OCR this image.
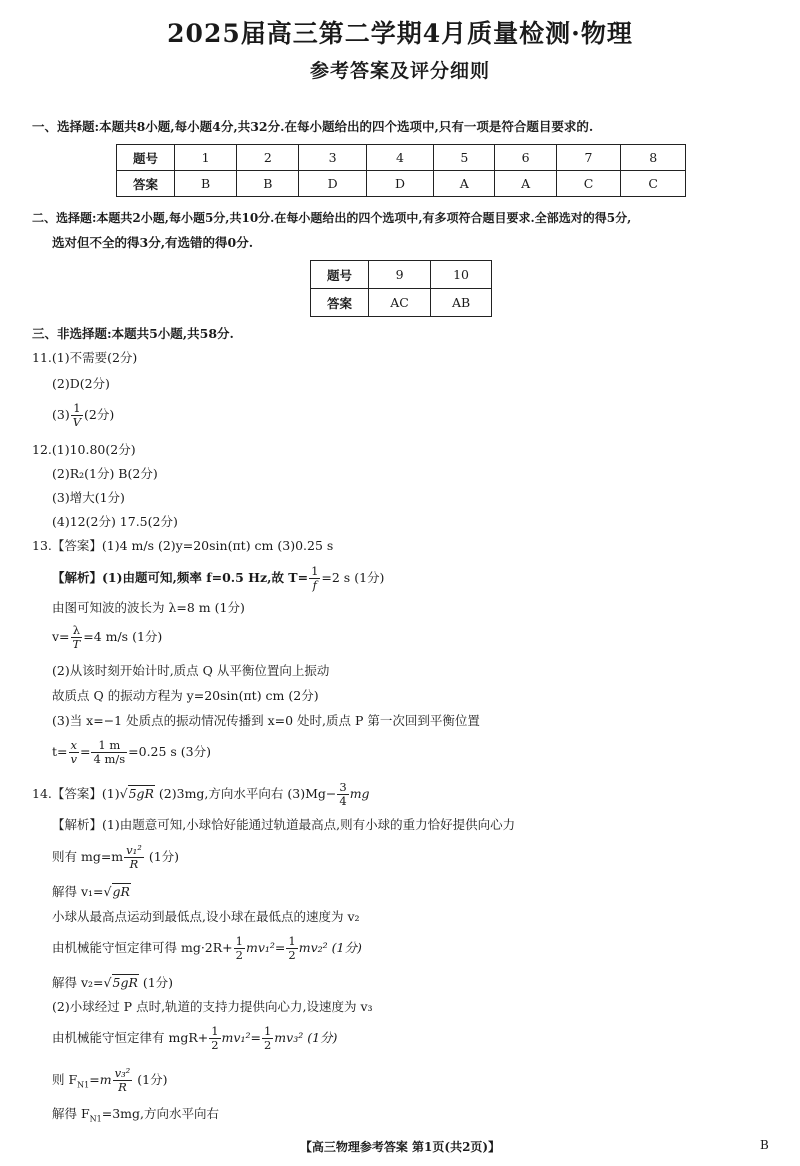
2025届高三第二学期4月质量检测·物理
参考答案及评分细则
一、选择题:本题共8小题,每小题4分,共32分.在每小题给出的四个选项中,只有一项是符合题目要求的.
题号	1	2	3	4	5	6	7	8
答案	B	B	D	D	A	A	C	C
二、选择题:本题共2小题,每小题5分,共10分.在每小题给出的四个选项中,有多项符合题目要求.全部选对的得5分,
选对但不全的得3分,有选错的得0分.
题号	9	10
答案	AC	AB
三、非选择题:本题共5小题,共58分.
11.(1)不需要(2分)
(2)D(2分)
$(3) \frac{1}{V} (2$分)
12.(1)10.80(2分)
(2)R₂(1分) B(2分)
(3)增大(1分)
(4)12(2分) 17.5(2分)
13.【答案】(1)4 m/s (2)y=20sin(πt) cm (3)0.25 s
【解析】(1)由题可知,频率 f=0.5 Hz,故 $T= \frac{1}{f} =2$ s (1分)
由图可知波的波长为 λ=8 m (1分)
$v= \frac{\lambda}{T} =4$ m/s (1分)
(2)从该时刻开始计时,质点 Q 从平衡位置向上振动
故质点 Q 的振动方程为 y=20sin(πt) cm (2分)
(3)当 x=−1 处质点的振动情况传播到 x=0 处时,质点 P 第一次回到平衡位置
$t= \frac{x}{v} = \frac{1 m}{4 m/s} =0.25$ s (3分)
14.【答案】(1)√5gR (2)3mg,方向水平向右 $(3)Mg- \frac{3}{4}$ mg
【解析】(1)由题意可知,小球恰好能通过轨道最高点,则有小球的重力恰好提供向心力
则有 $mg=m \frac{\text{v₁²}}{R} (1$分)
解得 v₁=√gR
小球从最高点运动到最低点,设小球在最低点的速度为 v₂
由机械能守恒定律可得 $mg\cdot 2R+ \frac{1}{2} mv_1^2= \frac{1}{2} mv_2^2$ (1分)
解得 v₂=√5gR (1分)
(2)小球经过 P 点时,轨道的支持力提供向心力,设速度为 v₃
由机械能守恒定律有 $mgR+ \frac{1}{2} mv_1^2= \frac{1}{2} mv_3^2$ (1分)
则 $F_{N1}=m \frac{\text{v₃²}}{R} (1$分)
解得 $F_{N1}=3mg$,方向水平向右
【高三物理参考答案 第1页(共2页)】	B
